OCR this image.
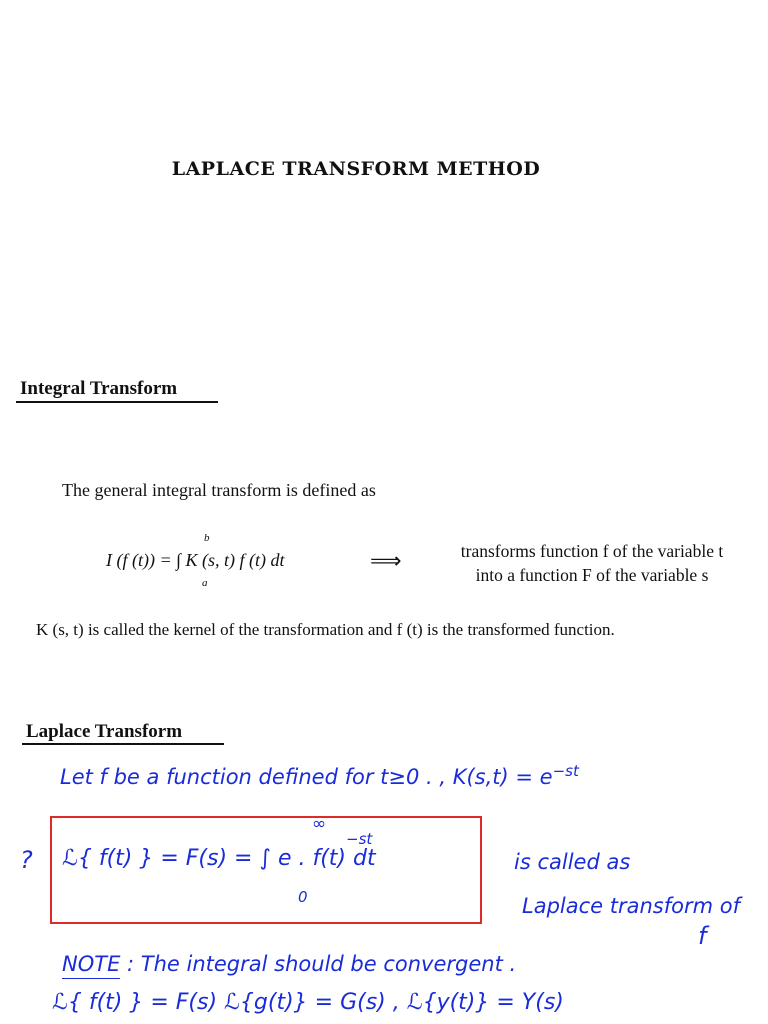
LAPLACE TRANSFORM METHOD
Integral Transform
The general integral transform is defined as
b
I (f (t)) = ∫ K (s, t) f (t) dt
a
⟹	transforms function f of the variable t
into a function F of the variable s
K (s, t) is called the kernel of the transformation and f (t) is the transformed function.
Laplace Transform
Let f be a function defined for t≥0 . , $K(s,t) = e^{-st}$
?
∞
ℒ{ f(t) } = F(s) = ∫ e . f(t) dt
−st
0
is called as
Laplace transform of
f
NOTE : The integral should be convergent .
ℒ{ f(t) } = F(s) ℒ{g(t)} = G(s) , ℒ{y(t)} = Y(s)
